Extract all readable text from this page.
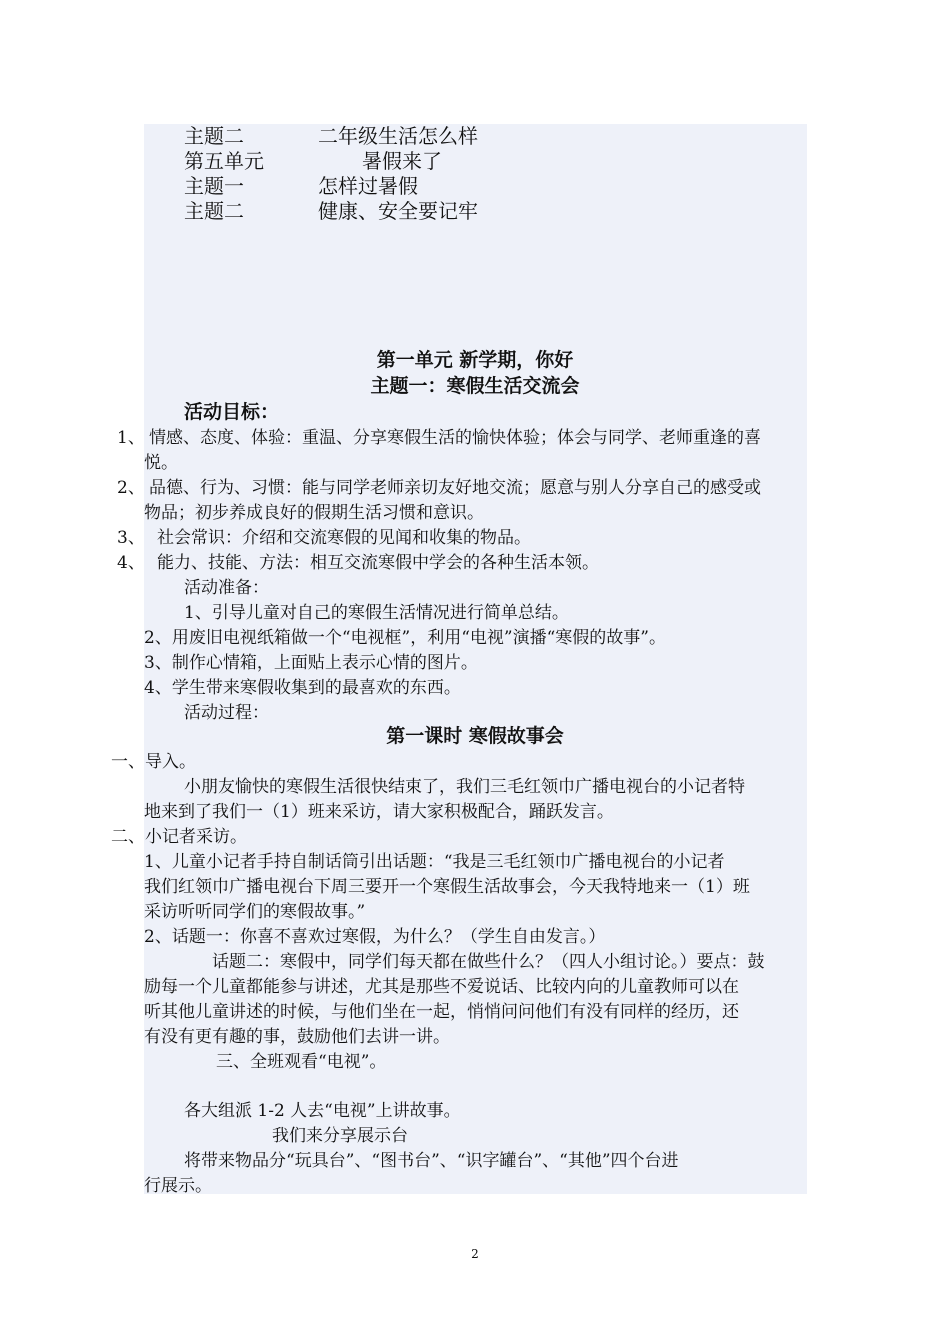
主题二	二年级生活怎么样
第五单元	暑假来了
主题一	怎样过暑假
主题二	健康、安全要记牢
第一单元 新学期，你好
主题一：寒假生活交流会
活动目标：
1、 情感、态度、体验：重温、分享寒假生活的愉快体验；体会与同学、老师重逢的喜
悦。
2、 品德、行为、习惯：能与同学老师亲切友好地交流；愿意与别人分享自己的感受或
物品；初步养成良好的假期生活习惯和意识。
3、 社会常识：介绍和交流寒假的见闻和收集的物品。
4、 能力、技能、方法：相互交流寒假中学会的各种生活本领。
活动准备：
1、引导儿童对自己的寒假生活情况进行简单总结。
2、用废旧电视纸箱做一个“电视框”，利用“电视”演播“寒假的故事”。
3、制作心情箱，上面贴上表示心情的图片。
4、学生带来寒假收集到的最喜欢的东西。
活动过程：
第一课时 寒假故事会
一、导入。
小朋友愉快的寒假生活很快结束了，我们三毛红领巾广播电视台的小记者特
地来到了我们一（1）班来采访，请大家积极配合，踊跃发言。
二、小记者采访。
1、儿童小记者手持自制话筒引出话题：“我是三毛红领巾广播电视台的小记者
我们红领巾广播电视台下周三要开一个寒假生活故事会，今天我特地来一（1）班
采访听听同学们的寒假故事。”
2、话题一：你喜不喜欢过寒假，为什么？（学生自由发言。）
话题二：寒假中，同学们每天都在做些什么？（四人小组讨论。）要点：鼓
励每一个儿童都能参与讲述，尤其是那些不爱说话、比较内向的儿童教师可以在
听其他儿童讲述的时候，与他们坐在一起，悄悄问问他们有没有同样的经历，还
有没有更有趣的事，鼓励他们去讲一讲。
三、全班观看“电视”。
各大组派 1-2 人去“电视”上讲故事。
我们来分享展示台
将带来物品分“玩具台”、“图书台”、“识字罐台”、“其他”四个台进
行展示。
2
